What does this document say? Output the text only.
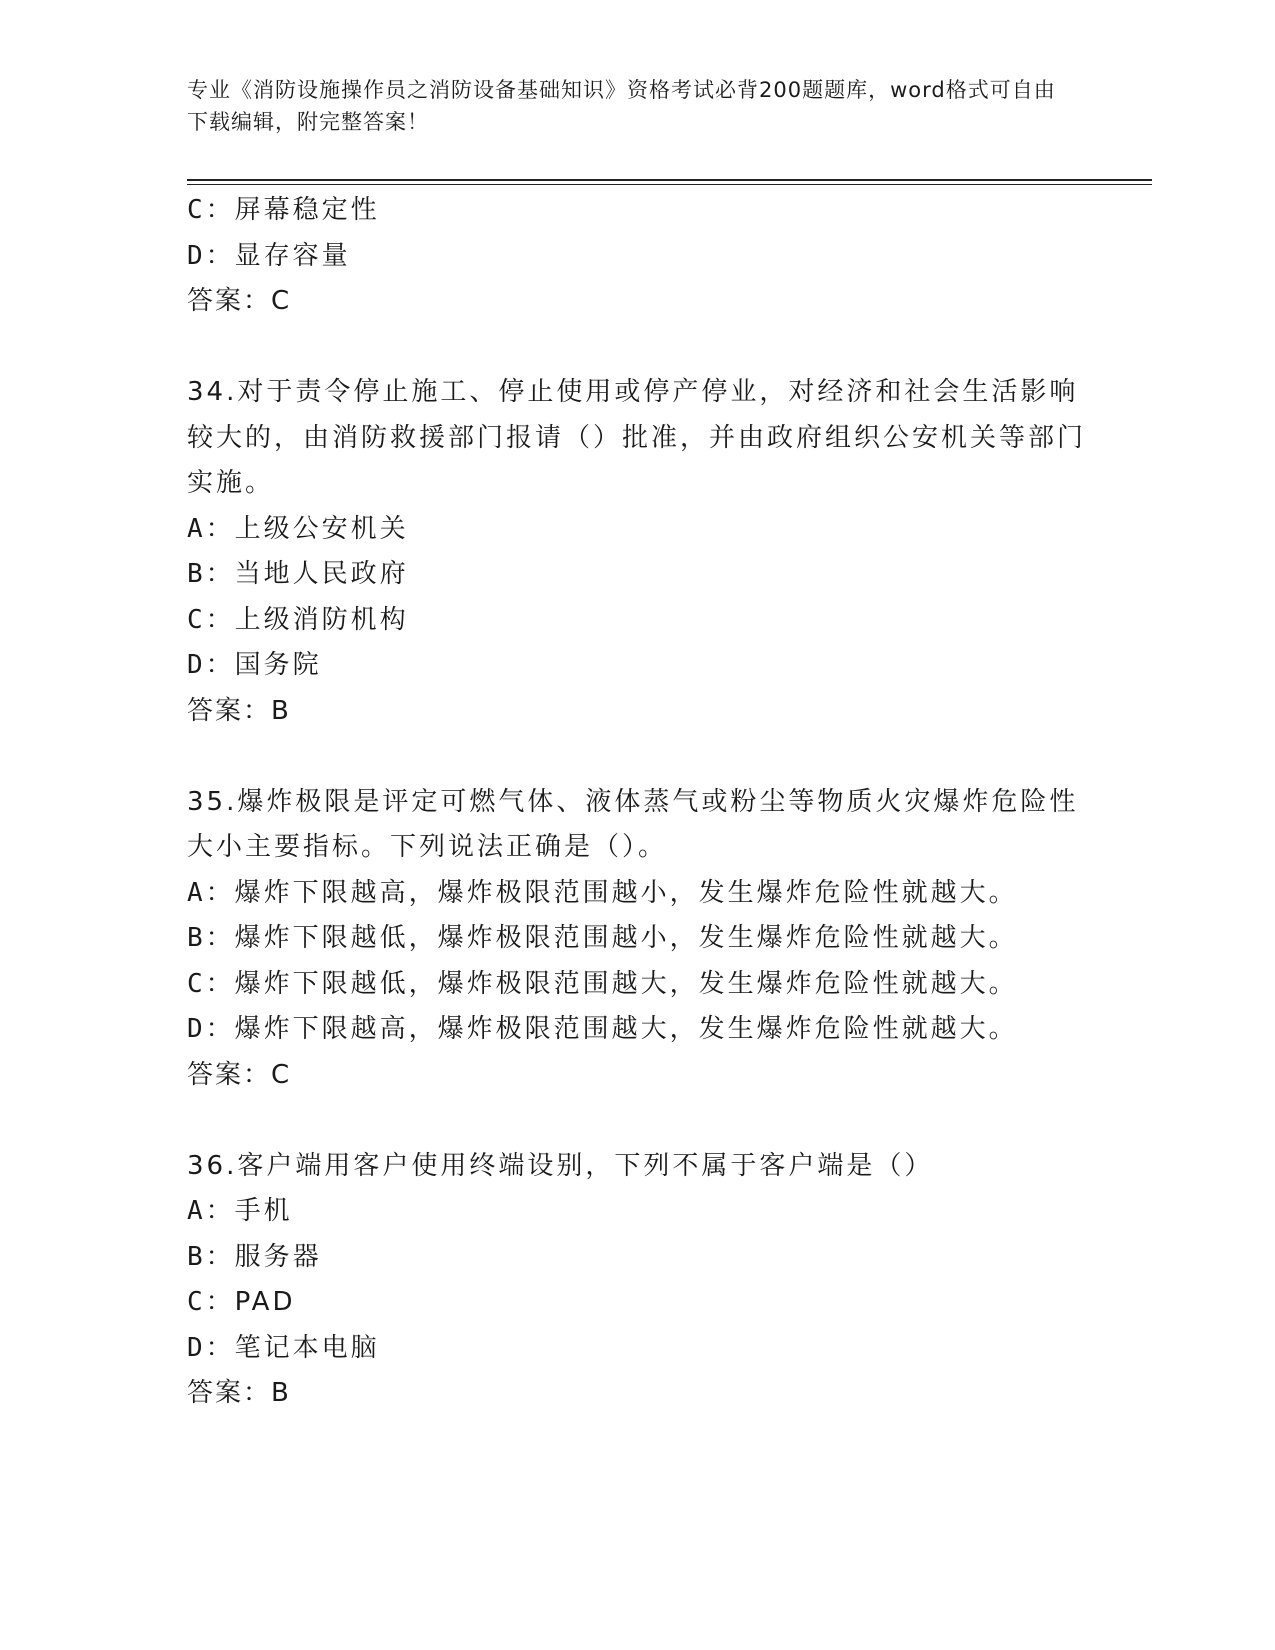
专业《消防设施操作员之消防设备基础知识》资格考试必背200题题库，word格式可自由下载编辑，附完整答案！

C：屏幕稳定性

D：显存容量

答案：C

34.对于责令停止施工、停止使用或停产停业，对经济和社会生活影响较大的，由消防救援部门报请（）批准，并由政府组织公安机关等部门实施。

A：上级公安机关

B：当地人民政府

C：上级消防机构

D：国务院

答案：B

35.爆炸极限是评定可燃气体、液体蒸气或粉尘等物质火灾爆炸危险性大小主要指标。下列说法正确是（）。

A：爆炸下限越高，爆炸极限范围越小，发生爆炸危险性就越大。

B：爆炸下限越低，爆炸极限范围越小，发生爆炸危险性就越大。

C：爆炸下限越低，爆炸极限范围越大，发生爆炸危险性就越大。

D：爆炸下限越高，爆炸极限范围越大，发生爆炸危险性就越大。

答案：C

36.客户端用客户使用终端设别，下列不属于客户端是（）

A：手机

B：服务器

C：PAD

D：笔记本电脑

答案：B
